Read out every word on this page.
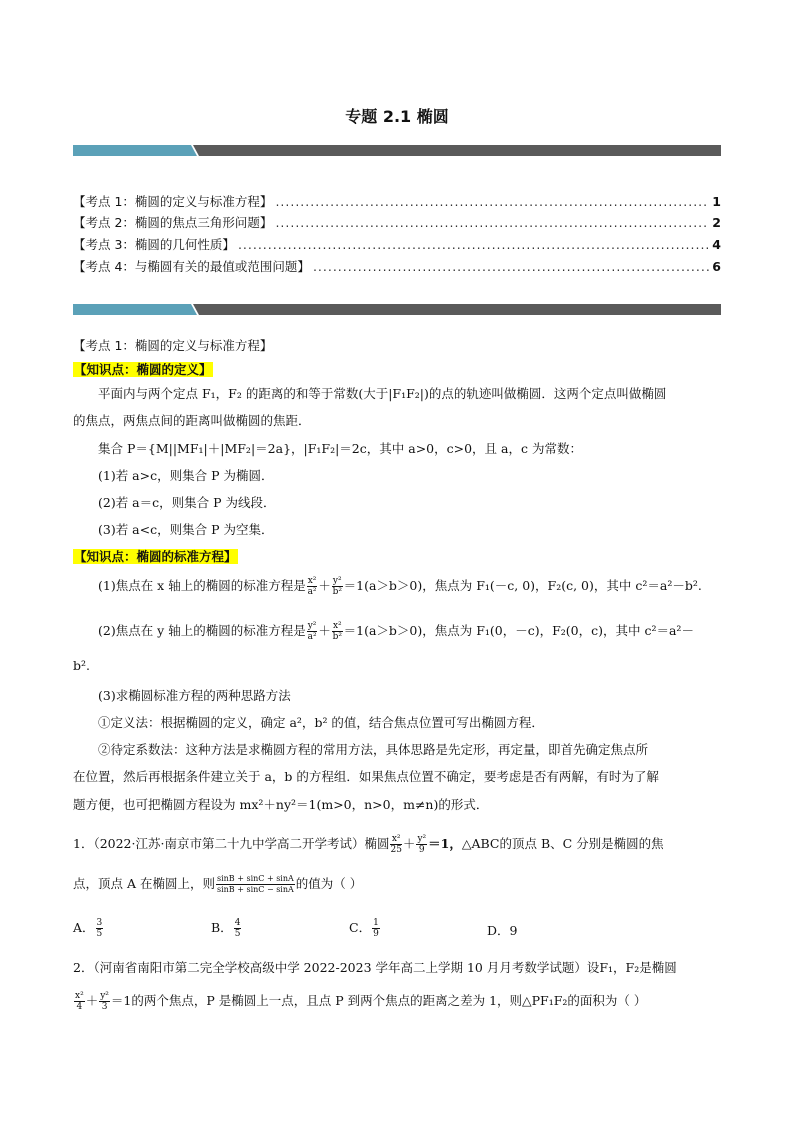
专题 2.1 椭圆
【考点 1：椭圆的定义与标准方程】 .....	1
【考点 2：椭圆的焦点三角形问题】 .....	2
【考点 3：椭圆的几何性质】 .....	4
【考点 4：与椭圆有关的最值或范围问题】 .....	6
【考点 1：椭圆的定义与标准方程】
【知识点：椭圆的定义】
平面内与两个定点 F₁，F₂ 的距离的和等于常数(大于|F₁F₂|)的点的轨迹叫做椭圆．这两个定点叫做椭圆
的焦点，两焦点间的距离叫做椭圆的焦距．
集合 P＝{M||MF₁|＋|MF₂|＝2a}，|F₁F₂|＝2c，其中 a>0，c>0，且 a，c 为常数：
(1)若 a>c，则集合 P 为椭圆．
(2)若 a＝c，则集合 P 为线段．
(3)若 a<c，则集合 P 为空集．
【知识点：椭圆的标准方程】
(1)焦点在 x 轴上的椭圆的标准方程是 $\frac{\text{x²}}{\text{a²}} + \frac{\text{y²}}{\text{b²}} =1(a>b>0)$，焦点为 F₁(－c, 0)，F₂(c, 0)，其中 c²＝a²－b².
(2)焦点在 y 轴上的椭圆的标准方程是 $\frac{\text{y²}}{\text{a²}} + \frac{\text{x²}}{\text{b²}} =1(a>b>0)$，焦点为 F₁(0，－c)，F₂(0，c)，其中 c²＝a²－
b².
(3)求椭圆标准方程的两种思路方法
①定义法：根据椭圆的定义，确定 a²，b² 的值，结合焦点位置可写出椭圆方程．
②待定系数法：这种方法是求椭圆方程的常用方法，具体思路是先定形，再定量，即首先确定焦点所
在位置，然后再根据条件建立关于 a，b 的方程组．如果焦点位置不确定，要考虑是否有两解，有时为了解
题方便，也可把椭圆方程设为 mx²＋ny²＝1(m>0，n>0，m≠n)的形式．
1．（2022·江苏·南京市第二十九中学高二开学考试）椭圆 $\frac{\text{x²}}{25} + \frac{\text{y²}}{9} =1$，△ABC的顶点 B、C 分别是椭圆的焦
点，顶点 A 在椭圆上，则 $\frac{\sin B + \sin C + \sin A}{\sin B + \sin C - \sin A}$ 的值为（ ）
A． $\frac{3}{5}$	B． $\frac{4}{5}$	C． $\frac{1}{9}$	D．9
2．（河南省南阳市第二完全学校高级中学 2022-2023 学年高二上学期 10 月月考数学试题）设F₁，F₂是椭圆
$\frac{\text{x²}}{4} + \frac{\text{y²}}{3} =1$的两个焦点，P 是椭圆上一点，且点 P 到两个焦点的距离之差为 1，则△PF₁F₂的面积为（ ）
